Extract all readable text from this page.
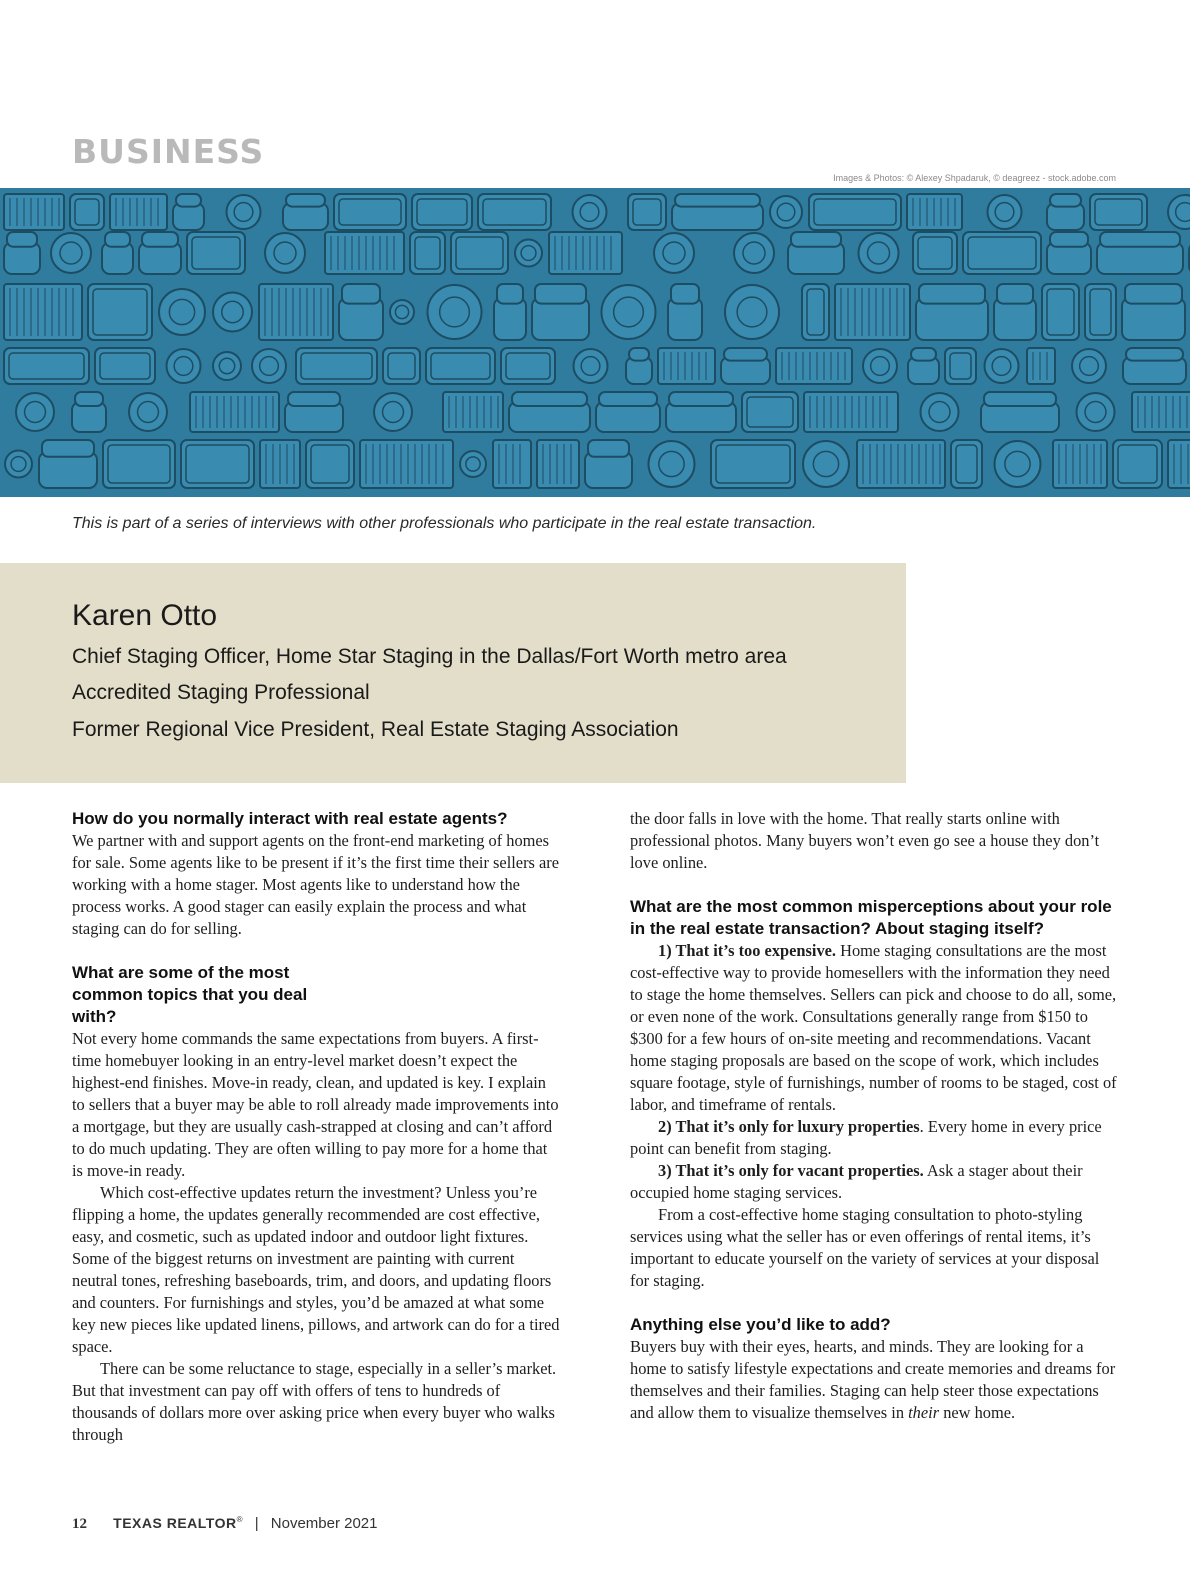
BUSINESS
Images & Photos: © Alexey Shpadaruk, © deagreez - stock.adobe.com
This is part of a series of interviews with other professionals who participate in the real estate transaction.
Karen Otto
Chief Staging Officer, Home Star Staging in the Dallas/Fort Worth metro area
Accredited Staging Professional
Former Regional Vice President, Real Estate Staging Association
How do you normally interact with real estate agents?

We partner with and support agents on the front-end marketing of homes for sale. Some agents like to be present if it’s the first time their sellers are working with a home stager. Most agents like to understand how the process works. A good stager can easily explain the process and what staging can do for selling.

What are some of the most common topics that you deal with?

Not every home commands the same expectations from buyers. A first-time homebuyer looking in an entry-level market doesn’t expect the highest-end finishes. Move-in ready, clean, and updated is key. I explain to sellers that a buyer may be able to roll already made improvements into a mortgage, but they are usually cash-strapped at closing and can’t afford to do much updating. They are often willing to pay more for a home that is move-in ready.

Which cost-effective updates return the investment? Unless you’re flipping a home, the updates generally recommended are cost effective, easy, and cosmetic, such as updated indoor and outdoor light fixtures. Some of the biggest returns on investment are painting with current neutral tones, refreshing baseboards, trim, and doors, and updating floors and counters. For furnishings and styles, you’d be amazed at what some key new pieces like updated linens, pillows, and artwork can do for a tired space.

There can be some reluctance to stage, especially in a seller’s market. But that investment can pay off with offers of tens to hundreds of thousands of dollars more over asking price when every buyer who walks through

the door falls in love with the home. That really starts online with professional photos. Many buyers won’t even go see a house they don’t love online.

What are the most common misperceptions about your role in the real estate transaction? About staging itself?

1) That it’s too expensive. Home staging consultations are the most cost-effective way to provide homesellers with the information they need to stage the home themselves. Sellers can pick and choose to do all, some, or even none of the work. Consultations generally range from $150 to $300 for a few hours of on-site meeting and recommendations. Vacant home staging proposals are based on the scope of work, which includes square footage, style of furnishings, number of rooms to be staged, cost of labor, and timeframe of rentals.

2) That it’s only for luxury properties. Every home in every price point can benefit from staging.

3) That it’s only for vacant properties. Ask a stager about their occupied home staging services.

From a cost-effective home staging consultation to photo-styling services using what the seller has or even offerings of rental items, it’s important to educate yourself on the variety of services at your disposal for staging.

Anything else you’d like to add?

Buyers buy with their eyes, hearts, and minds. They are looking for a home to satisfy lifestyle expectations and create memories and dreams for themselves and their families. Staging can help steer those expectations and allow them to visualize themselves in their new home.

12 TEXAS REALTOR® | November 2021
